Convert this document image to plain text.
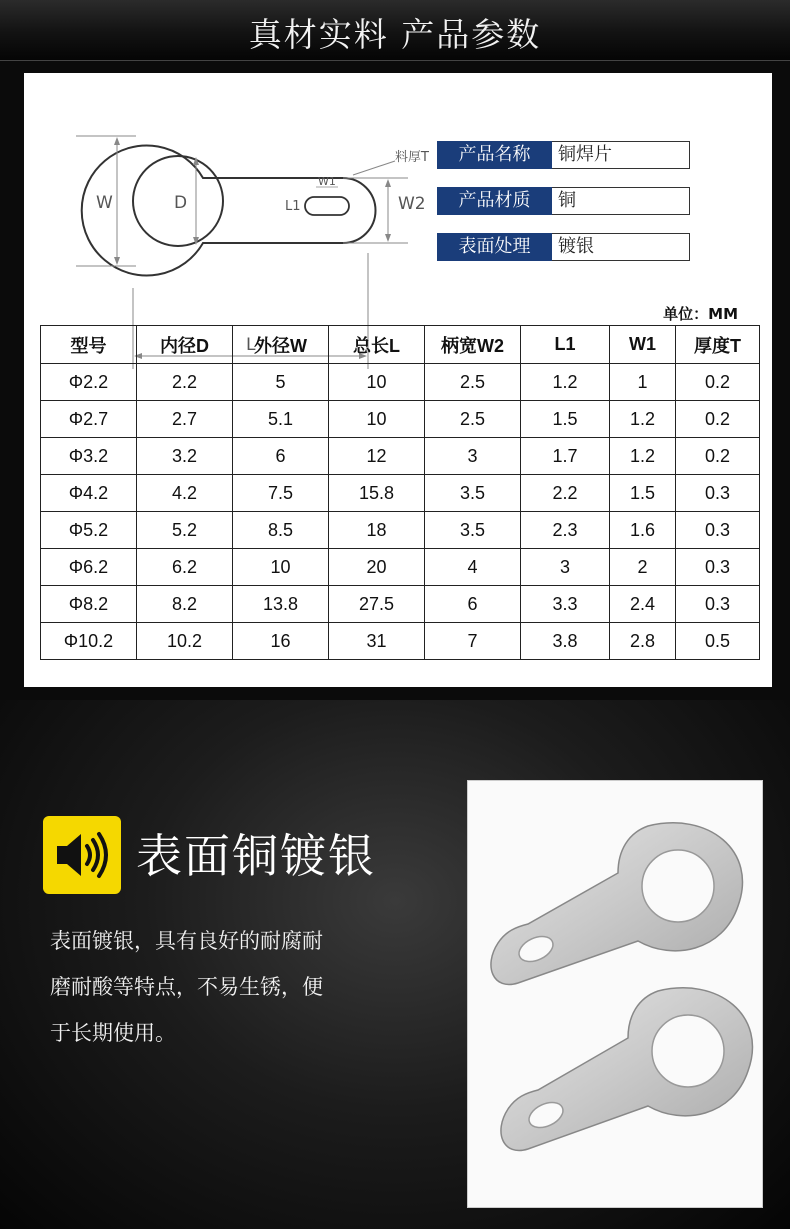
真材实料 产品参数
W	D
L
W2
W1
L1
料厚T	产品名称	铜焊片
产品材质	铜
表面处理	镀银
单位：MM
型号	内径D	外径W	总长L	柄宽W2	L1	W1	厚度T
Φ2.2	2.2	5	10	2.5	1.2	1	0.2
Φ2.7	2.7	5.1	10	2.5	1.5	1.2	0.2
Φ3.2	3.2	6	12	3	1.7	1.2	0.2
Φ4.2	4.2	7.5	15.8	3.5	2.2	1.5	0.3
Φ5.2	5.2	8.5	18	3.5	2.3	1.6	0.3
Φ6.2	6.2	10	20	4	3	2	0.3
Φ8.2	8.2	13.8	27.5	6	3.3	2.4	0.3
Φ10.2	10.2	16	31	7	3.8	2.8	0.5
表面铜镀银
表面镀银，具有良好的耐腐耐
磨耐酸等特点，不易生锈，便
于长期使用。
